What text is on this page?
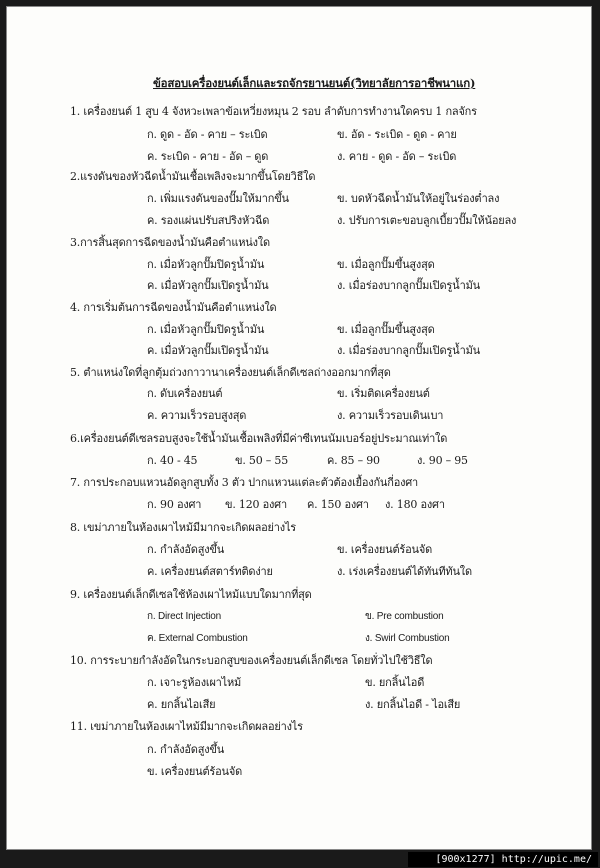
ข้อสอบเครื่องยนต์เล็กและรถจักรยานยนต์(วิทยาลัยการอาชีพนาแก)
1. เครื่องยนต์ 1 สูบ 4 จังหวะเพลาข้อเหวี่ยงหมุน 2 รอบ ลำดับการทำงานใดครบ 1 กลจักร
ก. ดูด - อัด - คาย – ระเบิด	ข. อัด - ระเบิด - ดูด - คาย
ค. ระเบิด - คาย - อัด – ดูด	ง. คาย - ดูด - อัด – ระเบิด
2.แรงดันของหัวฉีดน้ำมันเชื้อเพลิงจะมากขึ้นโดยวิธีใด
ก. เพิ่มแรงดันของปั๊มให้มากขึ้น	ข. บดหัวฉีดน้ำมันให้อยู่ในร่องต่ำลง
ค. รองแผ่นปรับสปริงหัวฉีด	ง. ปรับการเตะขอบลูกเบี้ยวปั๊มให้น้อยลง
3.การสิ้นสุดการฉีดของน้ำมันคือตำแหน่งใด
ก. เมื่อหัวลูกปั๊มปิดรูน้ำมัน	ข. เมื่อลูกปั๊มขึ้นสูงสุด
ค. เมื่อหัวลูกปั๊มเปิดรูน้ำมัน	ง. เมื่อร่องบากลูกปั๊มเปิดรูน้ำมัน
4. การเริ่มต้นการฉีดของน้ำมันคือตำแหน่งใด
ก. เมื่อหัวลูกปั๊มปิดรูน้ำมัน	ข. เมื่อลูกปั๊มขึ้นสูงสุด
ค. เมื่อหัวลูกปั๊มเปิดรูน้ำมัน	ง. เมื่อร่องบากลูกปั๊มเปิดรูน้ำมัน
5. ตำแหน่งใดที่ลูกตุ้มถ่วงกาวานาเครื่องยนต์เล็กดีเซลถ่างออกมากที่สุด
ก. ดับเครื่องยนต์	ข. เริ่มติดเครื่องยนต์
ค. ความเร็วรอบสูงสุด	ง. ความเร็วรอบเดินเบา
6.เครื่องยนต์ดีเซลรอบสูงจะใช้น้ำมันเชื้อเพลิงที่มีค่าซีเทนนัมเบอร์อยู่ประมาณเท่าใด
ก. 40 - 45	ข. 50 – 55	ค. 85 – 90	ง. 90 – 95
7. การประกอบแหวนอัดลูกสูบทั้ง 3 ตัว ปากแหวนแต่ละตัวต้องเยื้องกันกี่องศา
ก. 90 องศา ข. 120 องศา ค. 150 องศา ง. 180 องศา
8. เขม่าภายในห้องเผาไหม้มีมากจะเกิดผลอย่างไร
ก. กำลังอัดสูงขึ้น	ข. เครื่องยนต์ร้อนจัด
ค. เครื่องยนต์สตาร์ทติดง่าย	ง. เร่งเครื่องยนต์ได้ทันทีทันใด
9. เครื่องยนต์เล็กดีเซลใช้ห้องเผาไหม้แบบใดมากที่สุด
ก. Direct Injection	ข. Pre combustion
ค. External Combustion	ง. Swirl Combustion
10. การระบายกำลังอัดในกระบอกสูบของเครื่องยนต์เล็กดีเซล โดยทั่วไปใช้วิธีใด
ก. เจาะรูห้องเผาไหม้	ข. ยกลิ้นไอดี
ค. ยกลิ้นไอเสีย	ง. ยกลิ้นไอดี - ไอเสีย
11. เขม่าภายในห้องเผาไหม้มีมากจะเกิดผลอย่างไร
ก. กำลังอัดสูงขึ้น
ข. เครื่องยนต์ร้อนจัด
[900x1277] http://upic.me/
